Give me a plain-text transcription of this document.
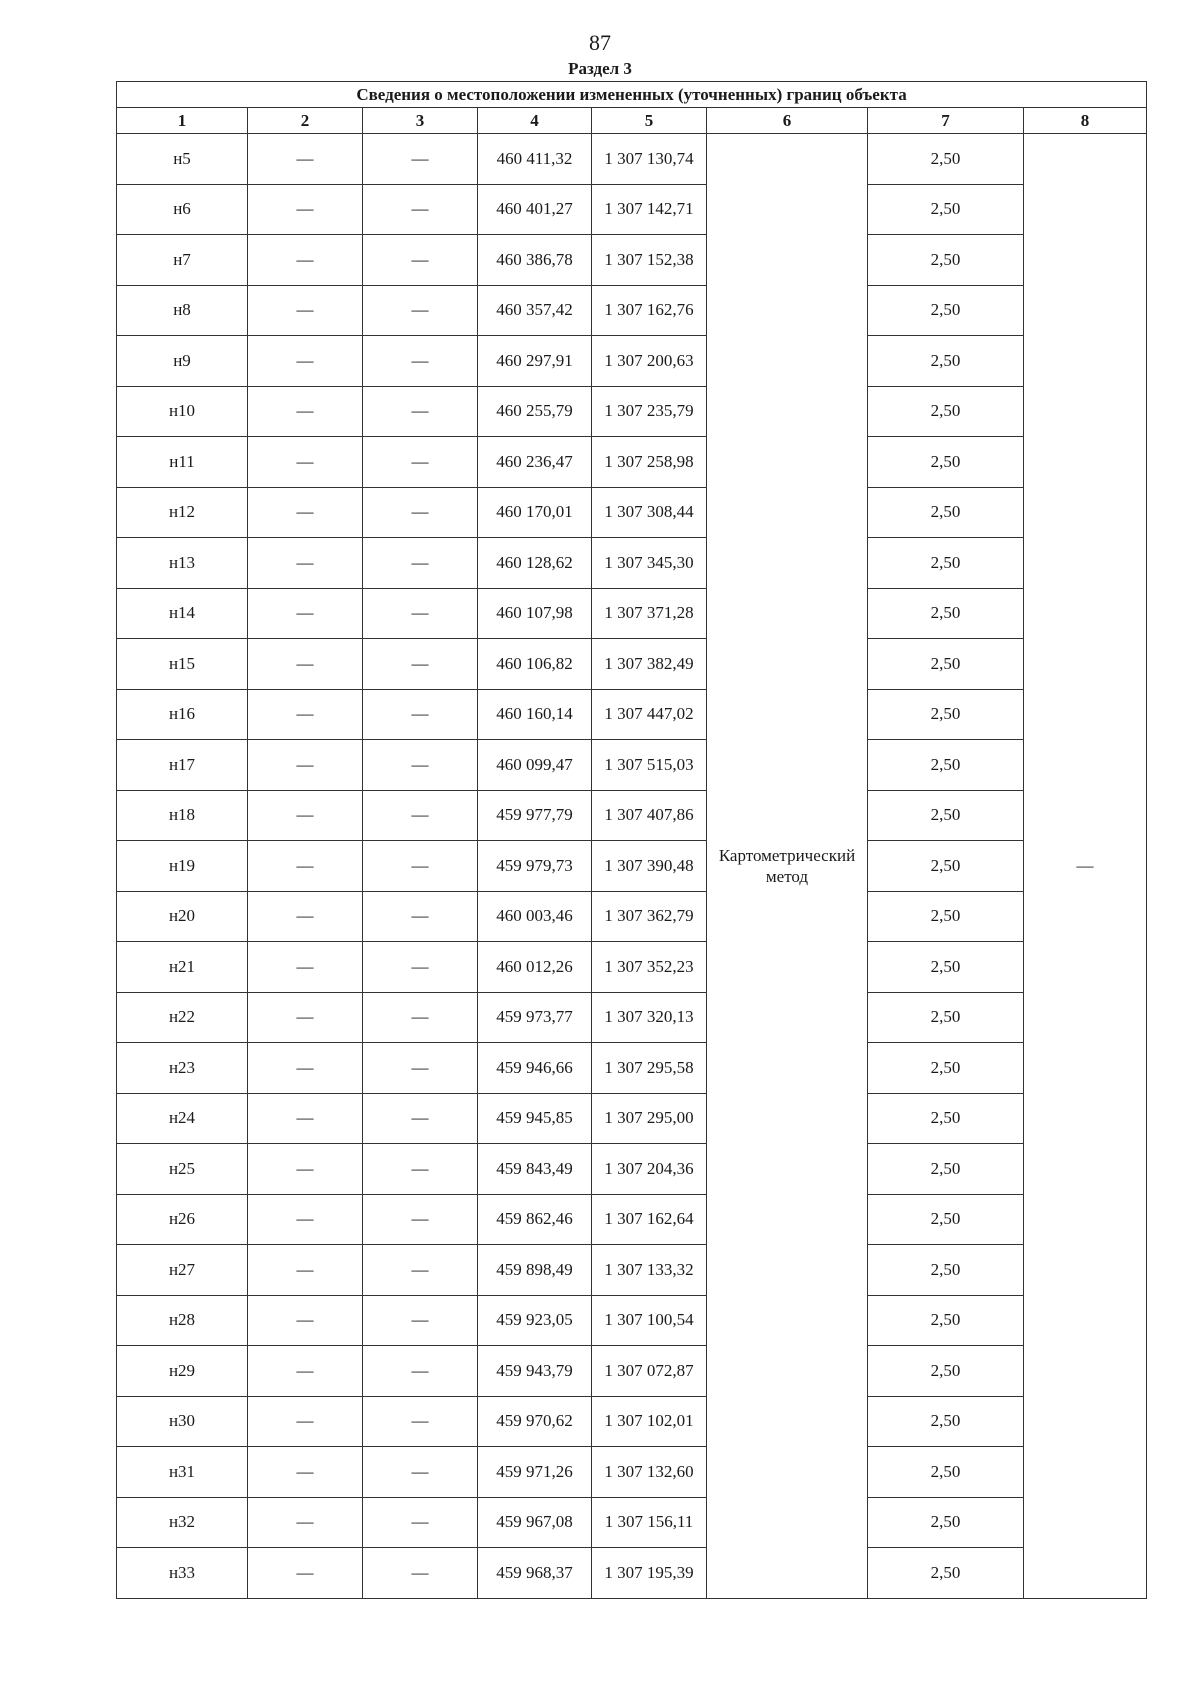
87
Раздел 3
Сведения о местоположении измененных (уточненных) границ объекта							
1	2	3	4	5	6	7	8
н5	—	—	460 411,32	1 307 130,74	Картометрический метод	2,50	—
н6	—	—	460 401,27	1 307 142,71		2,50	
н7	—	—	460 386,78	1 307 152,38		2,50	
н8	—	—	460 357,42	1 307 162,76		2,50	
н9	—	—	460 297,91	1 307 200,63		2,50	
н10	—	—	460 255,79	1 307 235,79		2,50	
н11	—	—	460 236,47	1 307 258,98		2,50	
н12	—	—	460 170,01	1 307 308,44		2,50	
н13	—	—	460 128,62	1 307 345,30		2,50	
н14	—	—	460 107,98	1 307 371,28		2,50	
н15	—	—	460 106,82	1 307 382,49		2,50	
н16	—	—	460 160,14	1 307 447,02		2,50	
н17	—	—	460 099,47	1 307 515,03		2,50	
н18	—	—	459 977,79	1 307 407,86		2,50	
н19	—	—	459 979,73	1 307 390,48		2,50	
н20	—	—	460 003,46	1 307 362,79		2,50	
н21	—	—	460 012,26	1 307 352,23		2,50	
н22	—	—	459 973,77	1 307 320,13		2,50	
н23	—	—	459 946,66	1 307 295,58		2,50	
н24	—	—	459 945,85	1 307 295,00		2,50	
н25	—	—	459 843,49	1 307 204,36		2,50	
н26	—	—	459 862,46	1 307 162,64		2,50	
н27	—	—	459 898,49	1 307 133,32		2,50	
н28	—	—	459 923,05	1 307 100,54		2,50	
н29	—	—	459 943,79	1 307 072,87		2,50	
н30	—	—	459 970,62	1 307 102,01		2,50	
н31	—	—	459 971,26	1 307 132,60		2,50	
н32	—	—	459 967,08	1 307 156,11		2,50	
н33	—	—	459 968,37	1 307 195,39		2,50	
